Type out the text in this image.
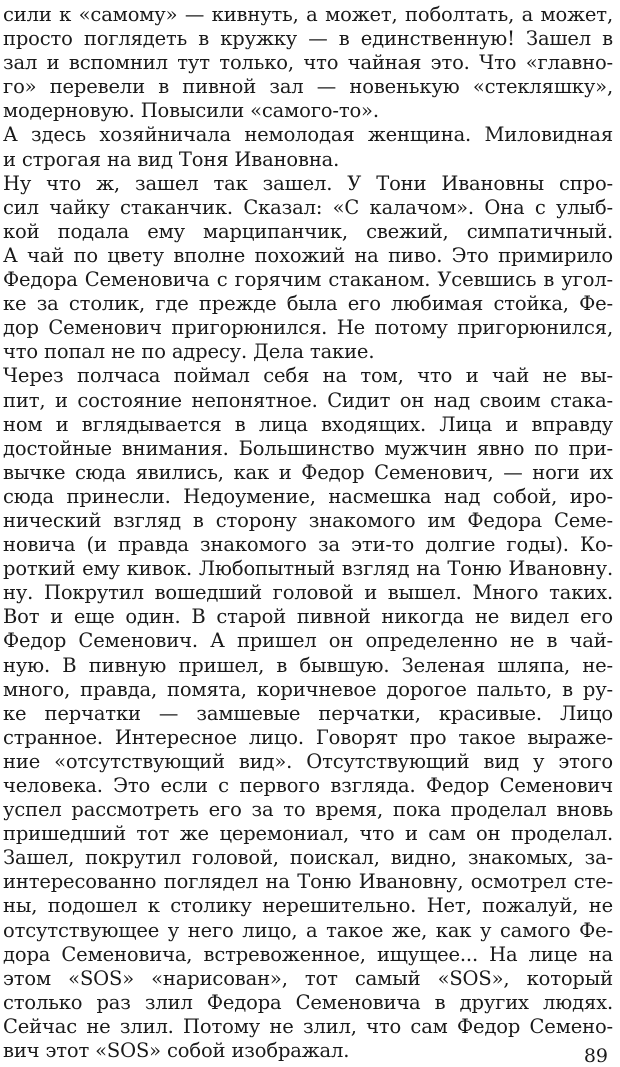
сили к «самому» — кивнуть, а может, поболтать, а может,
просто поглядеть в кружку — в единственную! Зашел в
зал и вспомнил тут только, что чайная это. Что «главно-
го» перевели в пивной зал — новенькую «стекляшку»,
модерновую. Повысили «самого-то».
А здесь хозяйничала немолодая женщина. Миловидная
и строгая на вид Тоня Ивановна.
Ну что ж, зашел так зашел. У Тони Ивановны спро-
сил чайку стаканчик. Сказал: «С калачом». Она с улыб-
кой подала ему марципанчик, свежий, симпатичный.
А чай по цвету вполне похожий на пиво. Это примирило
Федора Семеновича с горячим стаканом. Усевшись в угол-
ке за столик, где прежде была его любимая стойка, Фе-
дор Семенович пригорюнился. Не потому пригорюнился,
что попал не по адресу. Дела такие.
Через полчаса поймал себя на том, что и чай не вы-
пит, и состояние непонятное. Сидит он над своим стака-
ном и вглядывается в лица входящих. Лица и вправду
достойные внимания. Большинство мужчин явно по при-
вычке сюда явились, как и Федор Семенович, — ноги их
сюда принесли. Недоумение, насмешка над собой, иро-
нический взгляд в сторону знакомого им Федора Семе-
новича (и правда знакомого за эти-то долгие годы). Ко-
роткий ему кивок. Любопытный взгляд на Тоню Ивановну.
ну. Покрутил вошедший головой и вышел. Много таких.
Вот и еще один. В старой пивной никогда не видел его
Федор Семенович. А пришел он определенно не в чай-
ную. В пивную пришел, в бывшую. Зеленая шляпа, не-
много, правда, помята, коричневое дорогое пальто, в ру-
ке перчатки — замшевые перчатки, красивые. Лицо
странное. Интересное лицо. Говорят про такое выраже-
ние «отсутствующий вид». Отсутствующий вид у этого
человека. Это если с первого взгляда. Федор Семенович
успел рассмотреть его за то время, пока проделал вновь
пришедший тот же церемониал, что и сам он проделал.
Зашел, покрутил головой, поискал, видно, знакомых, за-
интересованно поглядел на Тоню Ивановну, осмотрел сте-
ны, подошел к столику нерешительно. Нет, пожалуй, не
отсутствующее у него лицо, а такое же, как у самого Фе-
дора Семеновича, встревоженное, ищущее... На лице на
этом «SOS» «нарисован», тот самый «SOS», который
столько раз злил Федора Семеновича в других людях.
Сейчас не злил. Потому не злил, что сам Федор Семено-
вич этот «SOS» собой изображал.	89
